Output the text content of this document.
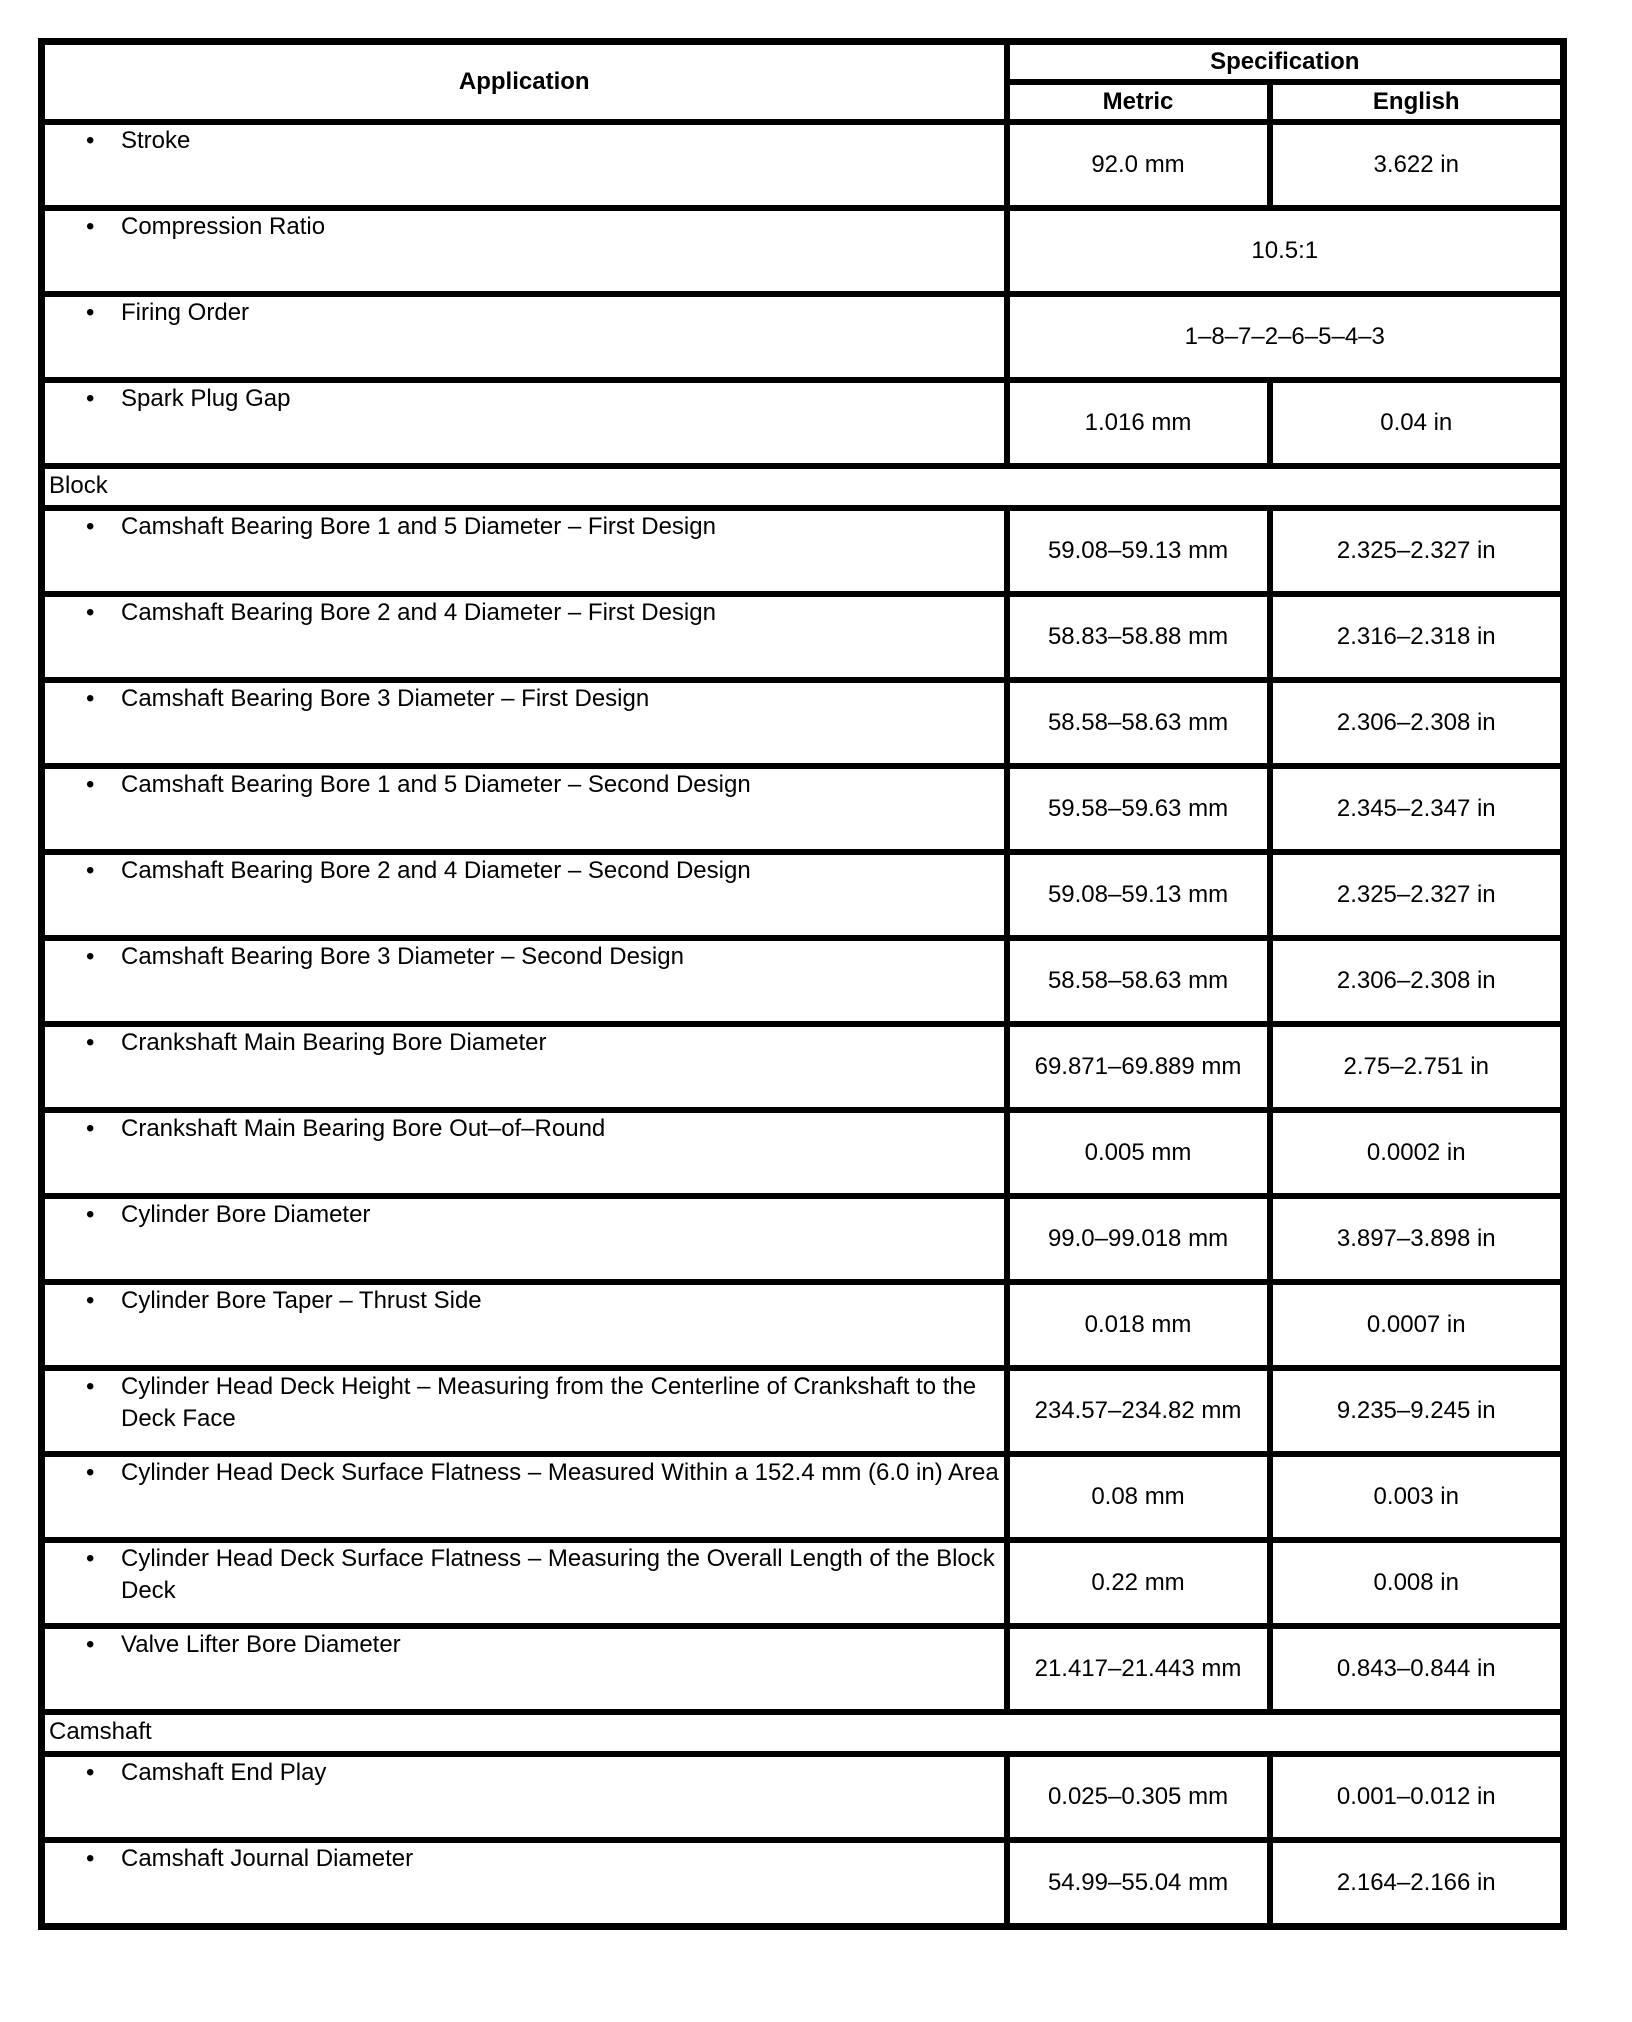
Application	Specification	
	Metric	English

• Stroke	92.0 mm	3.622 in

• Compression Ratio	10.5:1	

• Firing Order	1–8–7–2–6–5–4–3	

• Spark Plug Gap	1.016 mm	0.04 in
Block		

• Camshaft Bearing Bore 1 and 5 Diameter – First Design	59.08–59.13 mm	2.325–2.327 in

• Camshaft Bearing Bore 2 and 4 Diameter – First Design	58.83–58.88 mm	2.316–2.318 in

• Camshaft Bearing Bore 3 Diameter – First Design	58.58–58.63 mm	2.306–2.308 in

• Camshaft Bearing Bore 1 and 5 Diameter – Second Design	59.58–59.63 mm	2.345–2.347 in

• Camshaft Bearing Bore 2 and 4 Diameter – Second Design	59.08–59.13 mm	2.325–2.327 in

• Camshaft Bearing Bore 3 Diameter – Second Design	58.58–58.63 mm	2.306–2.308 in

• Crankshaft Main Bearing Bore Diameter	69.871–69.889 mm	2.75–2.751 in

• Crankshaft Main Bearing Bore Out–of–Round	0.005 mm	0.0002 in

• Cylinder Bore Diameter	99.0–99.018 mm	3.897–3.898 in

• Cylinder Bore Taper – Thrust Side	0.018 mm	0.0007 in

• Cylinder Head Deck Height – Measuring from the Centerline of Crankshaft to the Deck Face	234.57–234.82 mm	9.235–9.245 in

• Cylinder Head Deck Surface Flatness – Measured Within a 152.4 mm (6.0 in) Area	0.08 mm	0.003 in

• Cylinder Head Deck Surface Flatness – Measuring the Overall Length of the Block Deck	0.22 mm	0.008 in

• Valve Lifter Bore Diameter	21.417–21.443 mm	0.843–0.844 in
Camshaft		

• Camshaft End Play	0.025–0.305 mm	0.001–0.012 in

• Camshaft Journal Diameter	54.99–55.04 mm	2.164–2.166 in
